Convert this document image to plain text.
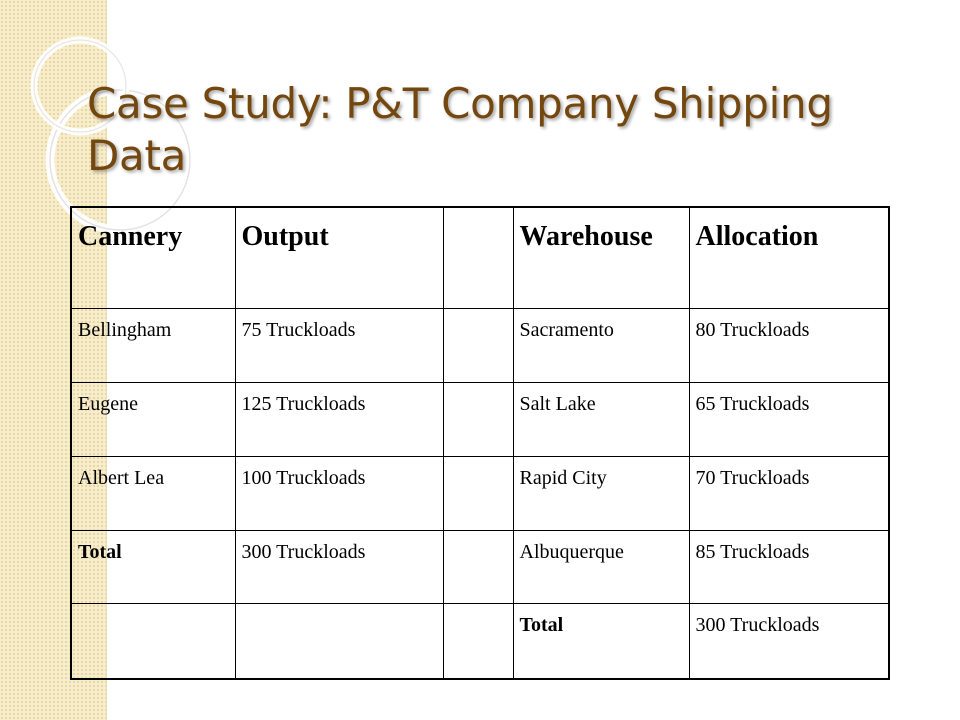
Case Study: P&T Company Shipping Data
Cannery	Output		Warehouse	Allocation
Bellingham	75 Truckloads		Sacramento	80 Truckloads
Eugene	125 Truckloads		Salt Lake	65 Truckloads
Albert Lea	100 Truckloads		Rapid City	70 Truckloads
Total	300 Truckloads		Albuquerque	85 Truckloads
			Total	300 Truckloads
